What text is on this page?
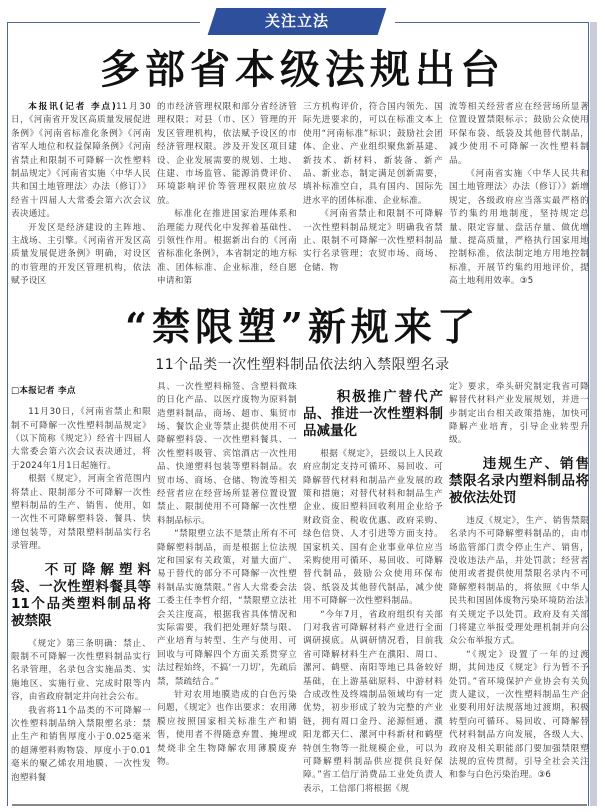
关注立法
多部省本级法规出台

本报讯(记者 李点)11月30日，《河南省开发区高质量发展促进条例》《河南省标准化条例》《河南省军人地位和权益保障条例》《河南省禁止和限制不可降解一次性塑料制品规定》《河南省实施〈中华人民共和国土地管理法〉办法（修订）》经省十四届人大常委会第六次会议表决通过。

开发区是经济建设的主阵地、主战场、主引擎。《河南省开发区高质量发展促进条例》明确，对设区的市管理的开发区管理机构，依法赋予设区

的市经济管理权限和部分省经济管理权限；对县（市、区）管理的开发区管理机构，依法赋予设区的市经济管理权限。涉及开发区项目建设、企业发展需要的规划、土地、住建、市场监管、能源消费评价、环境影响评价等管理权限应放尽放。

标准化在推进国家治理体系和治理能力现代化中发挥着基础性、引领性作用。根据新出台的《河南省标准化条例》，本省制定的地方标准、团体标准、企业标准，经自愿申请和第

三方机构评价，符合国内领先、国际先进要求的，可以在标准文本上使用“河南标准”标识；鼓励社会团体、企业、产业组织聚焦新基建、新技术、新材料、新装备、新产品、新业态，制定满足创新需要，填补标准空白，具有国内、国际先进水平的团体标准、企业标准。

《河南省禁止和限制不可降解一次性塑料制品规定》明确我省禁止、限制不可降解一次性塑料制品实行名录管理；农贸市场、商场、仓储、物

流等相关经营者应在经营场所显著位置设置禁限标示；鼓励公众使用环保布袋、纸袋及其他替代制品，减少使用不可降解一次性塑料制品。

《河南省实施〈中华人民共和国土地管理法〉办法（修订）》新增规定，各级政府应当落实最严格的节约集约用地制度，坚持规定总量、限定容量、盘活存量、做优增量、提高质量，严格执行国家用地控制标准，依法制定地方用地控制标准，开展节约集约用地评价，提高土地利用效率。③5

“禁限塑”新规来了
11个品类一次性塑料制品依法纳入禁限塑名录
□本报记者 李点

11月30日，《河南省禁止和限制不可降解一次性塑料制品规定》（以下简称《规定》）经省十四届人大常委会第六次会议表决通过，将于2024年1月1日起施行。

根据《规定》，河南全省范围内将禁止、限制部分不可降解一次性塑料制品的生产、销售、使用，如一次性不可降解塑料袋、餐具、快递包装等，对禁限塑料制品实行名录管理。

不可降解塑料袋、一次性塑料餐具等11个品类塑料制品将被禁限

《规定》第三条明确：禁止、限制不可降解一次性塑料制品实行名录管理，名录包含实施品类、实施地区、实施行业、完成时限等内容，由省政府制定并向社会公布。

我省将11个品类的不可降解一次性塑料制品纳入禁限塑名录：禁止生产和销售厚度小于0.025毫米的超薄塑料购物袋、厚度小于0.01毫米的聚乙烯农用地膜、一次性发泡塑料餐

具、一次性塑料棉签、含塑料微珠的日化产品、以医疗废物为原料制造塑料制品，商场、超市、集贸市场、餐饮企业等禁止提供使用不可降解塑料袋、一次性塑料餐具、一次性塑料吸管、宾馆酒店一次性用品、快递塑料包装等塑料制品。农贸市场、商场、仓储、物流等相关经营者应在经营场所显著位置设置禁止、限制使用不可降解一次性塑料制品标示。

“禁限塑立法不是禁止所有不可降解塑料制品，而是根据上位法规定和国家有关政策，对量大面广、易于替代的部分不可降解一次性塑料制品实施禁限。”省人大常委会法工委主任李哲介绍，“禁限塑立法社会关注度高，根据我省具体情况和实际需要，我们把处理好禁与限、产业培育与转型、生产与使用、可回收与可降解四个方面关系贯穿立法过程始终，不搞‘一刀切’，先疏后禁，禁疏结合。”

针对农用地膜造成的白色污染问题，《规定》也作出要求：农用薄膜应按照国家相关标准生产和销售，使用者不得随意弃置、掩埋或焚烧非全生物降解农用薄膜废弃物。

积极推广替代产品、推进一次性塑料制品减量化

根据《规定》，县级以上人民政府应制定支持可循环、易回收、可降解替代材料和制品产业发展的政策和措施；对替代材料和制品生产企业、废旧塑料回收利用企业给予财政资金、税收优惠、政府采购、绿色信贷、人才引进等方面支持。国家机关、国有企业事业单位应当采购使用可循环、易回收、可降解替代制品，鼓励公众使用环保布袋、纸袋及其他替代制品，减少使用不可降解一次性塑料制品。

“今年7月，省政府组织有关部门对我省可降解材料产业进行全面调研摸底。从调研情况看，目前我省可降解材料生产在濮阳、周口、漯河、鹤壁、南阳等地已具备较好基础，在上游基础原料、中游材料合成改性及终端制品领域均有一定优势，初步形成了较为完整的产业链，拥有周口金丹、泌源恒通、濮阳龙都天仁、漯河中科新材和鹤壁特创生物等一批规模企业，可以为可降解塑料制品供应提供良好保障。”省工信厅消费品工业处负责人表示，工信部门将根据《规

定》要求，牵头研究制定我省可降解替代材料产业发展规划，并进一步制定出台相关政策措施，加快可降解产业培育，引导企业转型升级。

违规生产、销售禁限名录内塑料制品将被依法处罚

违反《规定》，生产、销售禁限名录内不可降解塑料制品的，由市场监管部门责令停止生产、销售，没收违法产品，并处罚款；经营者使用或者提供使用禁限名录内不可降解塑料制品的，将依照《中华人民共和国固体废物污染环境防治法》有关规定予以处罚。政府及有关部门将建立举报受理处理机制并向公众公布举报方式。

“《规定》设置了一年的过渡期，其间违反《规定》行为暂不予处罚。”省环境保护产业协会有关负责人建议，一次性塑料制品生产企业要利用好法规落地过渡期，积极转型向可循环、易回收、可降解替代材料制品方向发展，各级人大、政府及相关职能部门要加强禁限塑法规的宣传贯彻，引导全社会关注和参与白色污染治理。③6
